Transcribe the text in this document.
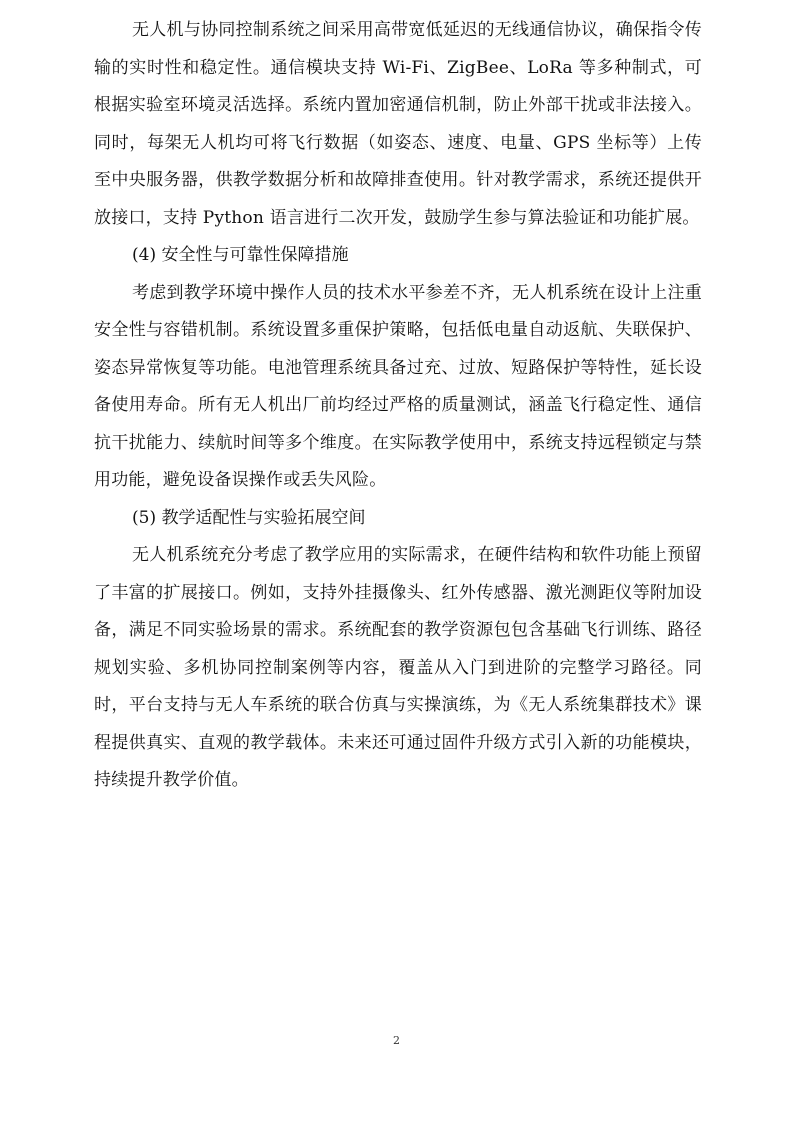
无人机与协同控制系统之间采用高带宽低延迟的无线通信协议，确保指令传输的实时性和稳定性。通信模块支持 Wi-Fi、ZigBee、LoRa 等多种制式，可根据实验室环境灵活选择。系统内置加密通信机制，防止外部干扰或非法接入。同时，每架无人机均可将飞行数据（如姿态、速度、电量、GPS 坐标等）上传至中央服务器，供教学数据分析和故障排查使用。针对教学需求，系统还提供开放接口，支持 Python 语言进行二次开发，鼓励学生参与算法验证和功能扩展。

(4) 安全性与可靠性保障措施

考虑到教学环境中操作人员的技术水平参差不齐，无人机系统在设计上注重安全性与容错机制。系统设置多重保护策略，包括低电量自动返航、失联保护、姿态异常恢复等功能。电池管理系统具备过充、过放、短路保护等特性，延长设备使用寿命。所有无人机出厂前均经过严格的质量测试，涵盖飞行稳定性、通信抗干扰能力、续航时间等多个维度。在实际教学使用中，系统支持远程锁定与禁用功能，避免设备误操作或丢失风险。

(5) 教学适配性与实验拓展空间

无人机系统充分考虑了教学应用的实际需求，在硬件结构和软件功能上预留了丰富的扩展接口。例如，支持外挂摄像头、红外传感器、激光测距仪等附加设备，满足不同实验场景的需求。系统配套的教学资源包包含基础飞行训练、路径规划实验、多机协同控制案例等内容，覆盖从入门到进阶的完整学习路径。同时，平台支持与无人车系统的联合仿真与实操演练，为《无人系统集群技术》课程提供真实、直观的教学载体。未来还可通过固件升级方式引入新的功能模块，持续提升教学价值。

2
